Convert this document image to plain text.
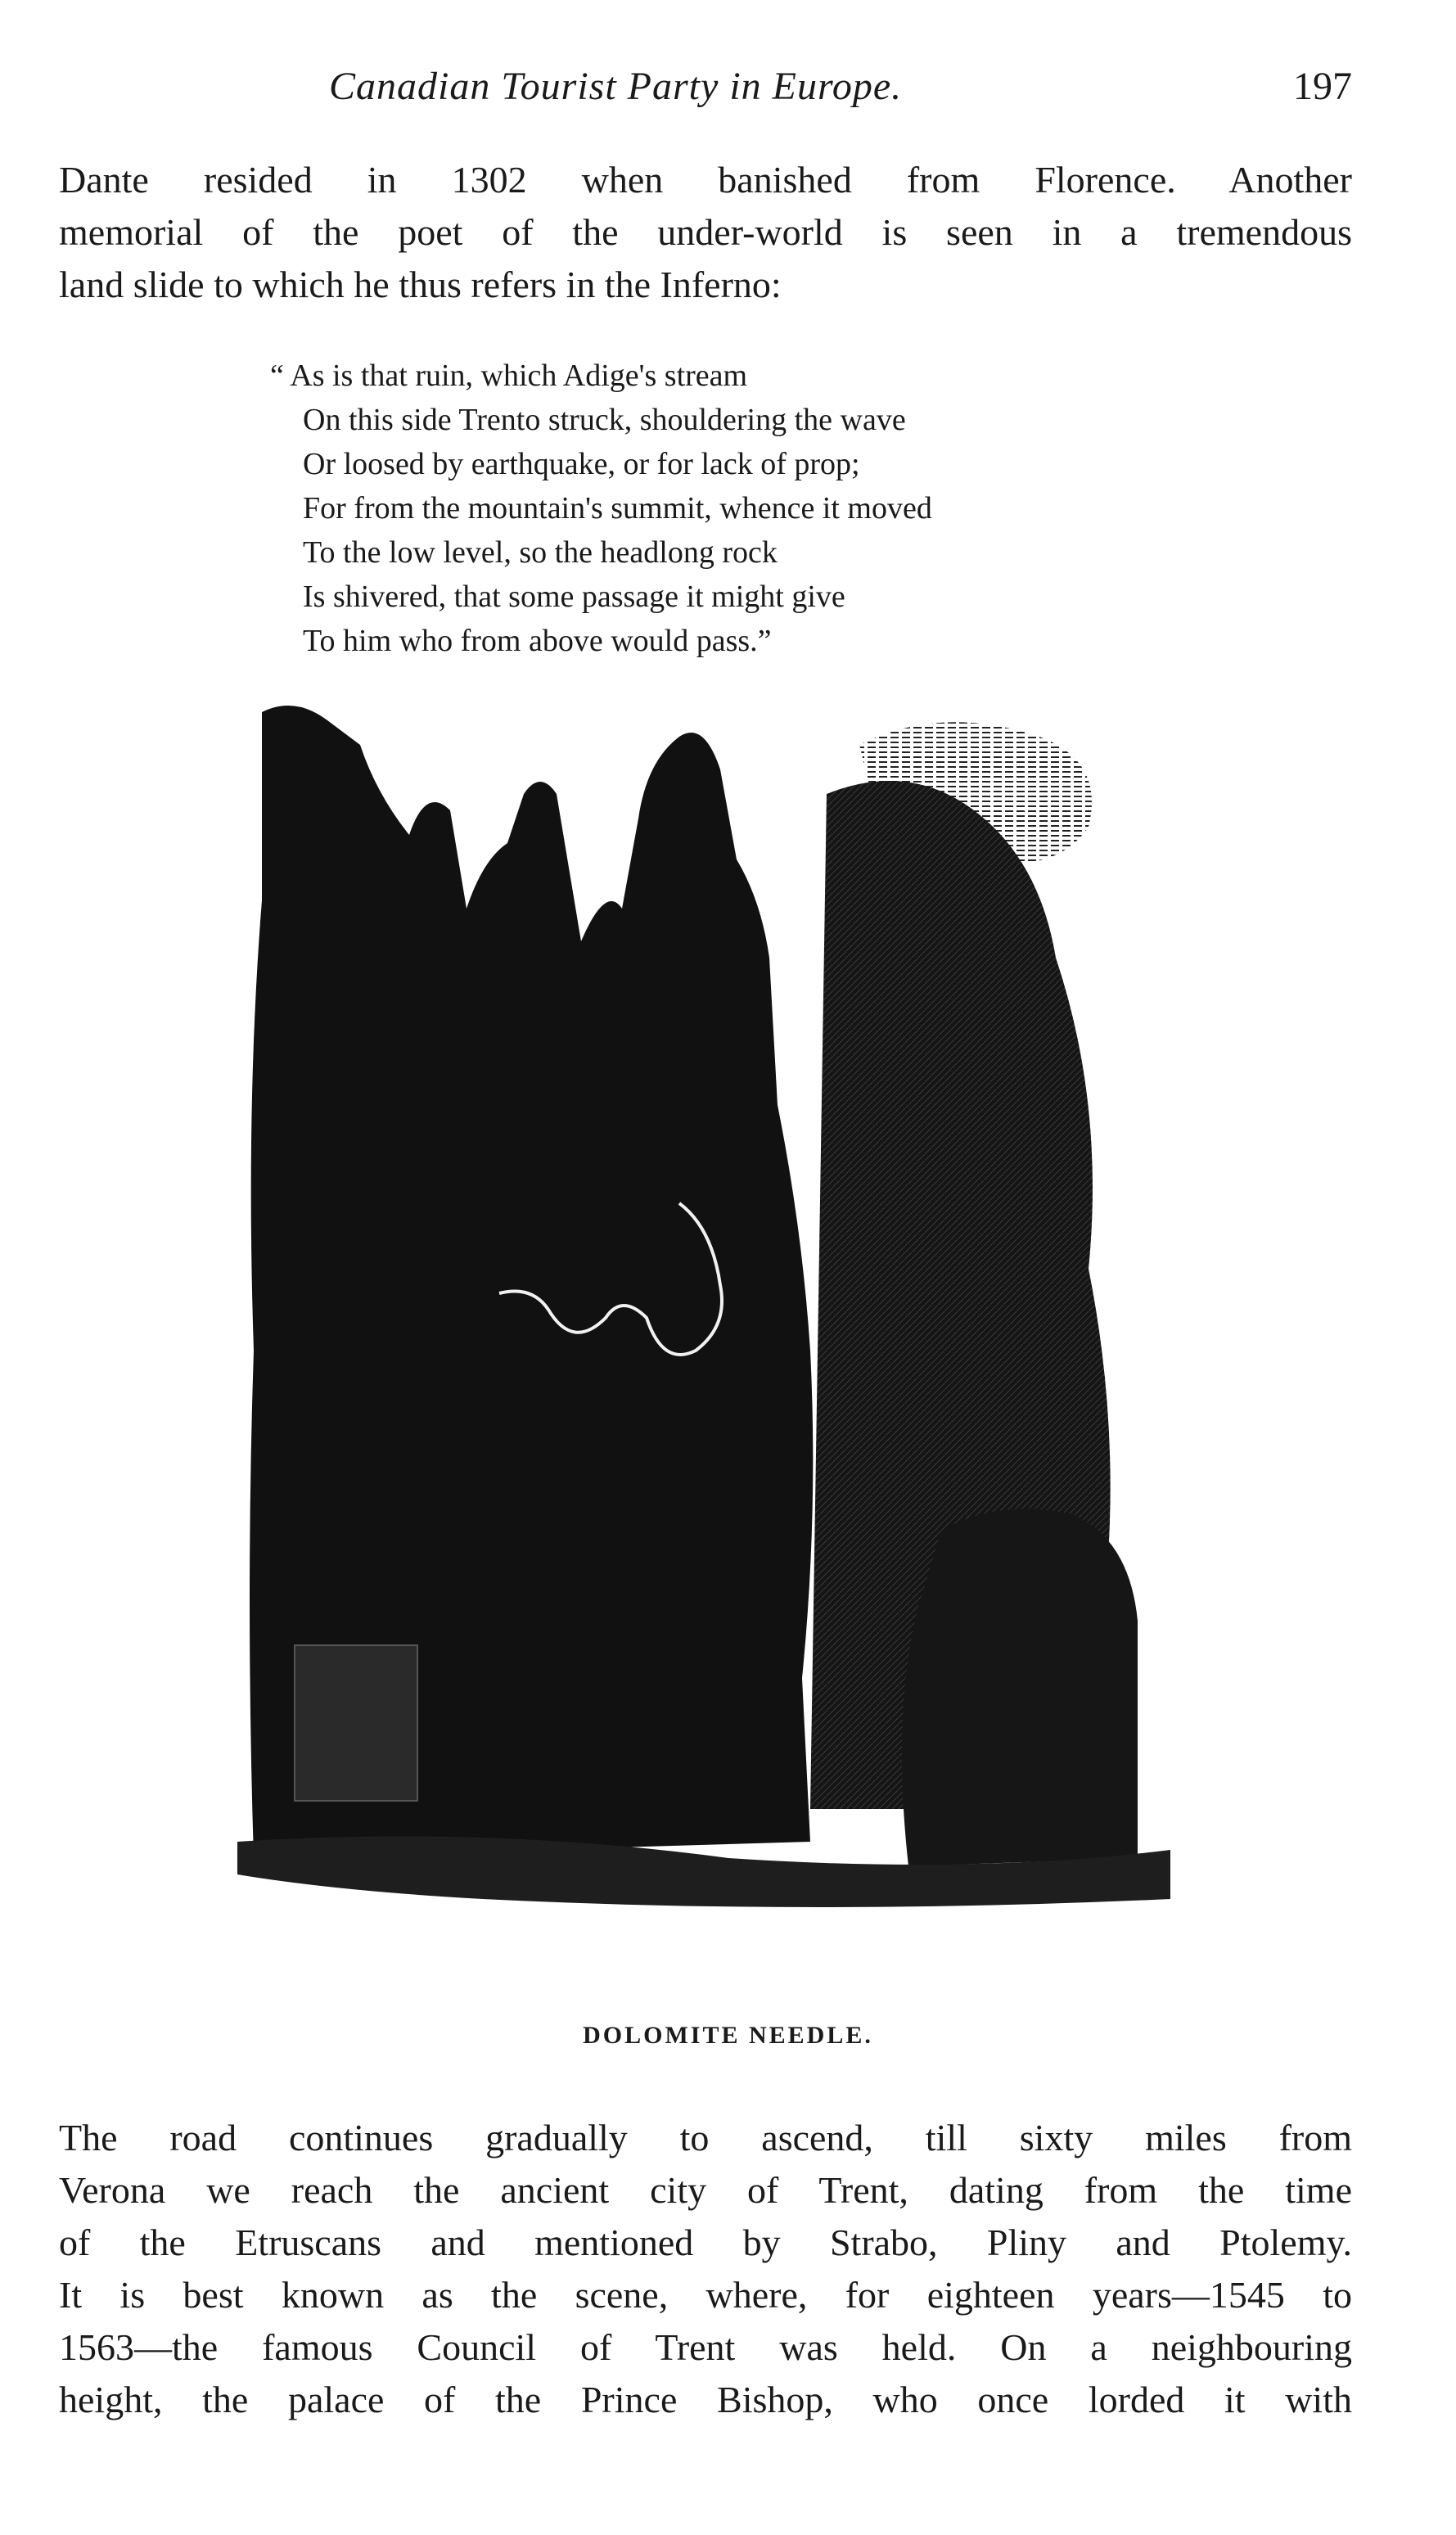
Canadian Tourist Party in Europe.	197

Dante resided in 1302 when banished from Florence. Another
memorial of the poet of the under-world is seen in a tremendous
land slide to which he thus refers in the Inferno:

“ As is that ruin, which Adige's stream
On this side Trento struck, shouldering the wave
Or loosed by earthquake, or for lack of prop;
For from the mountain's summit, whence it moved
To the low level, so the headlong rock
Is shivered, that some passage it might give
To him who from above would pass.”

DOLOMITE NEEDLE.

The road continues gradually to ascend, till sixty miles from
Verona we reach the ancient city of Trent, dating from the time
of the Etruscans and mentioned by Strabo, Pliny and Ptolemy.
It is best known as the scene, where, for eighteen years—1545 to
1563—the famous Council of Trent was held. On a neighbouring
height, the palace of the Prince Bishop, who once lorded it with
